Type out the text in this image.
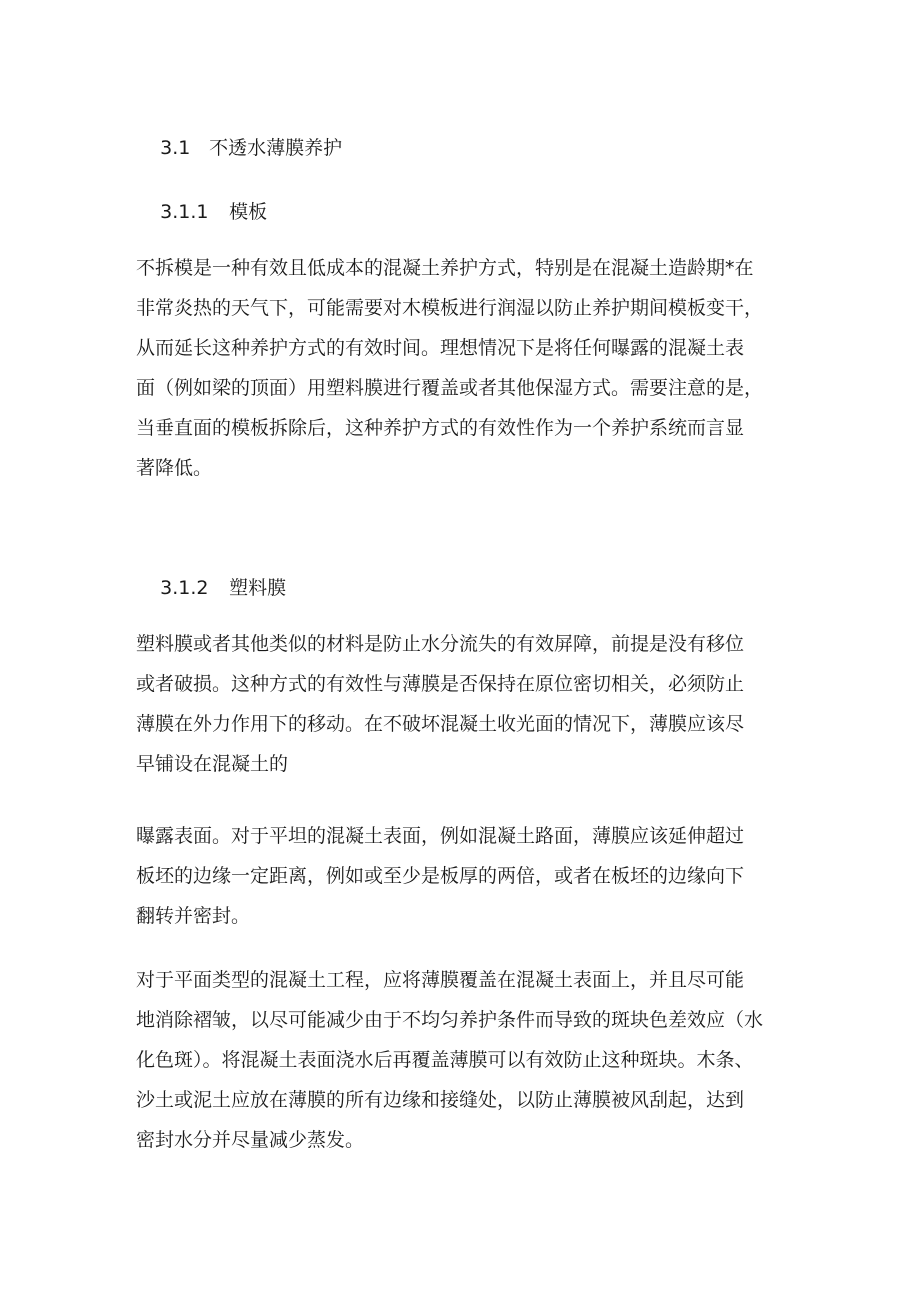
3.1 不透水薄膜养护

3.1.1 模板

不拆模是一种有效且低成本的混凝土养护方式，特别是在混凝土造龄期*在
非常炎热的天气下，可能需要对木模板进行润湿以防止养护期间模板变干，
从而延长这种养护方式的有效时间。理想情况下是将任何曝露的混凝土表
面（例如梁的顶面）用塑料膜进行覆盖或者其他保湿方式。需要注意的是，
当垂直面的模板拆除后，这种养护方式的有效性作为一个养护系统而言显
著降低。

3.1.2 塑料膜

塑料膜或者其他类似的材料是防止水分流失的有效屏障，前提是没有移位
或者破损。这种方式的有效性与薄膜是否保持在原位密切相关，必须防止
薄膜在外力作用下的移动。在不破坏混凝土收光面的情况下，薄膜应该尽
早铺设在混凝土的
曝露表面。对于平坦的混凝土表面，例如混凝土路面，薄膜应该延伸超过
板坯的边缘一定距离，例如或至少是板厚的两倍，或者在板坯的边缘向下
翻转并密封。
对于平面类型的混凝土工程，应将薄膜覆盖在混凝土表面上，并且尽可能
地消除褶皱，以尽可能减少由于不均匀养护条件而导致的斑块色差效应（水
化色斑）。将混凝土表面浇水后再覆盖薄膜可以有效防止这种斑块。木条、
沙土或泥土应放在薄膜的所有边缘和接缝处，以防止薄膜被风刮起，达到
密封水分并尽量减少蒸发。
